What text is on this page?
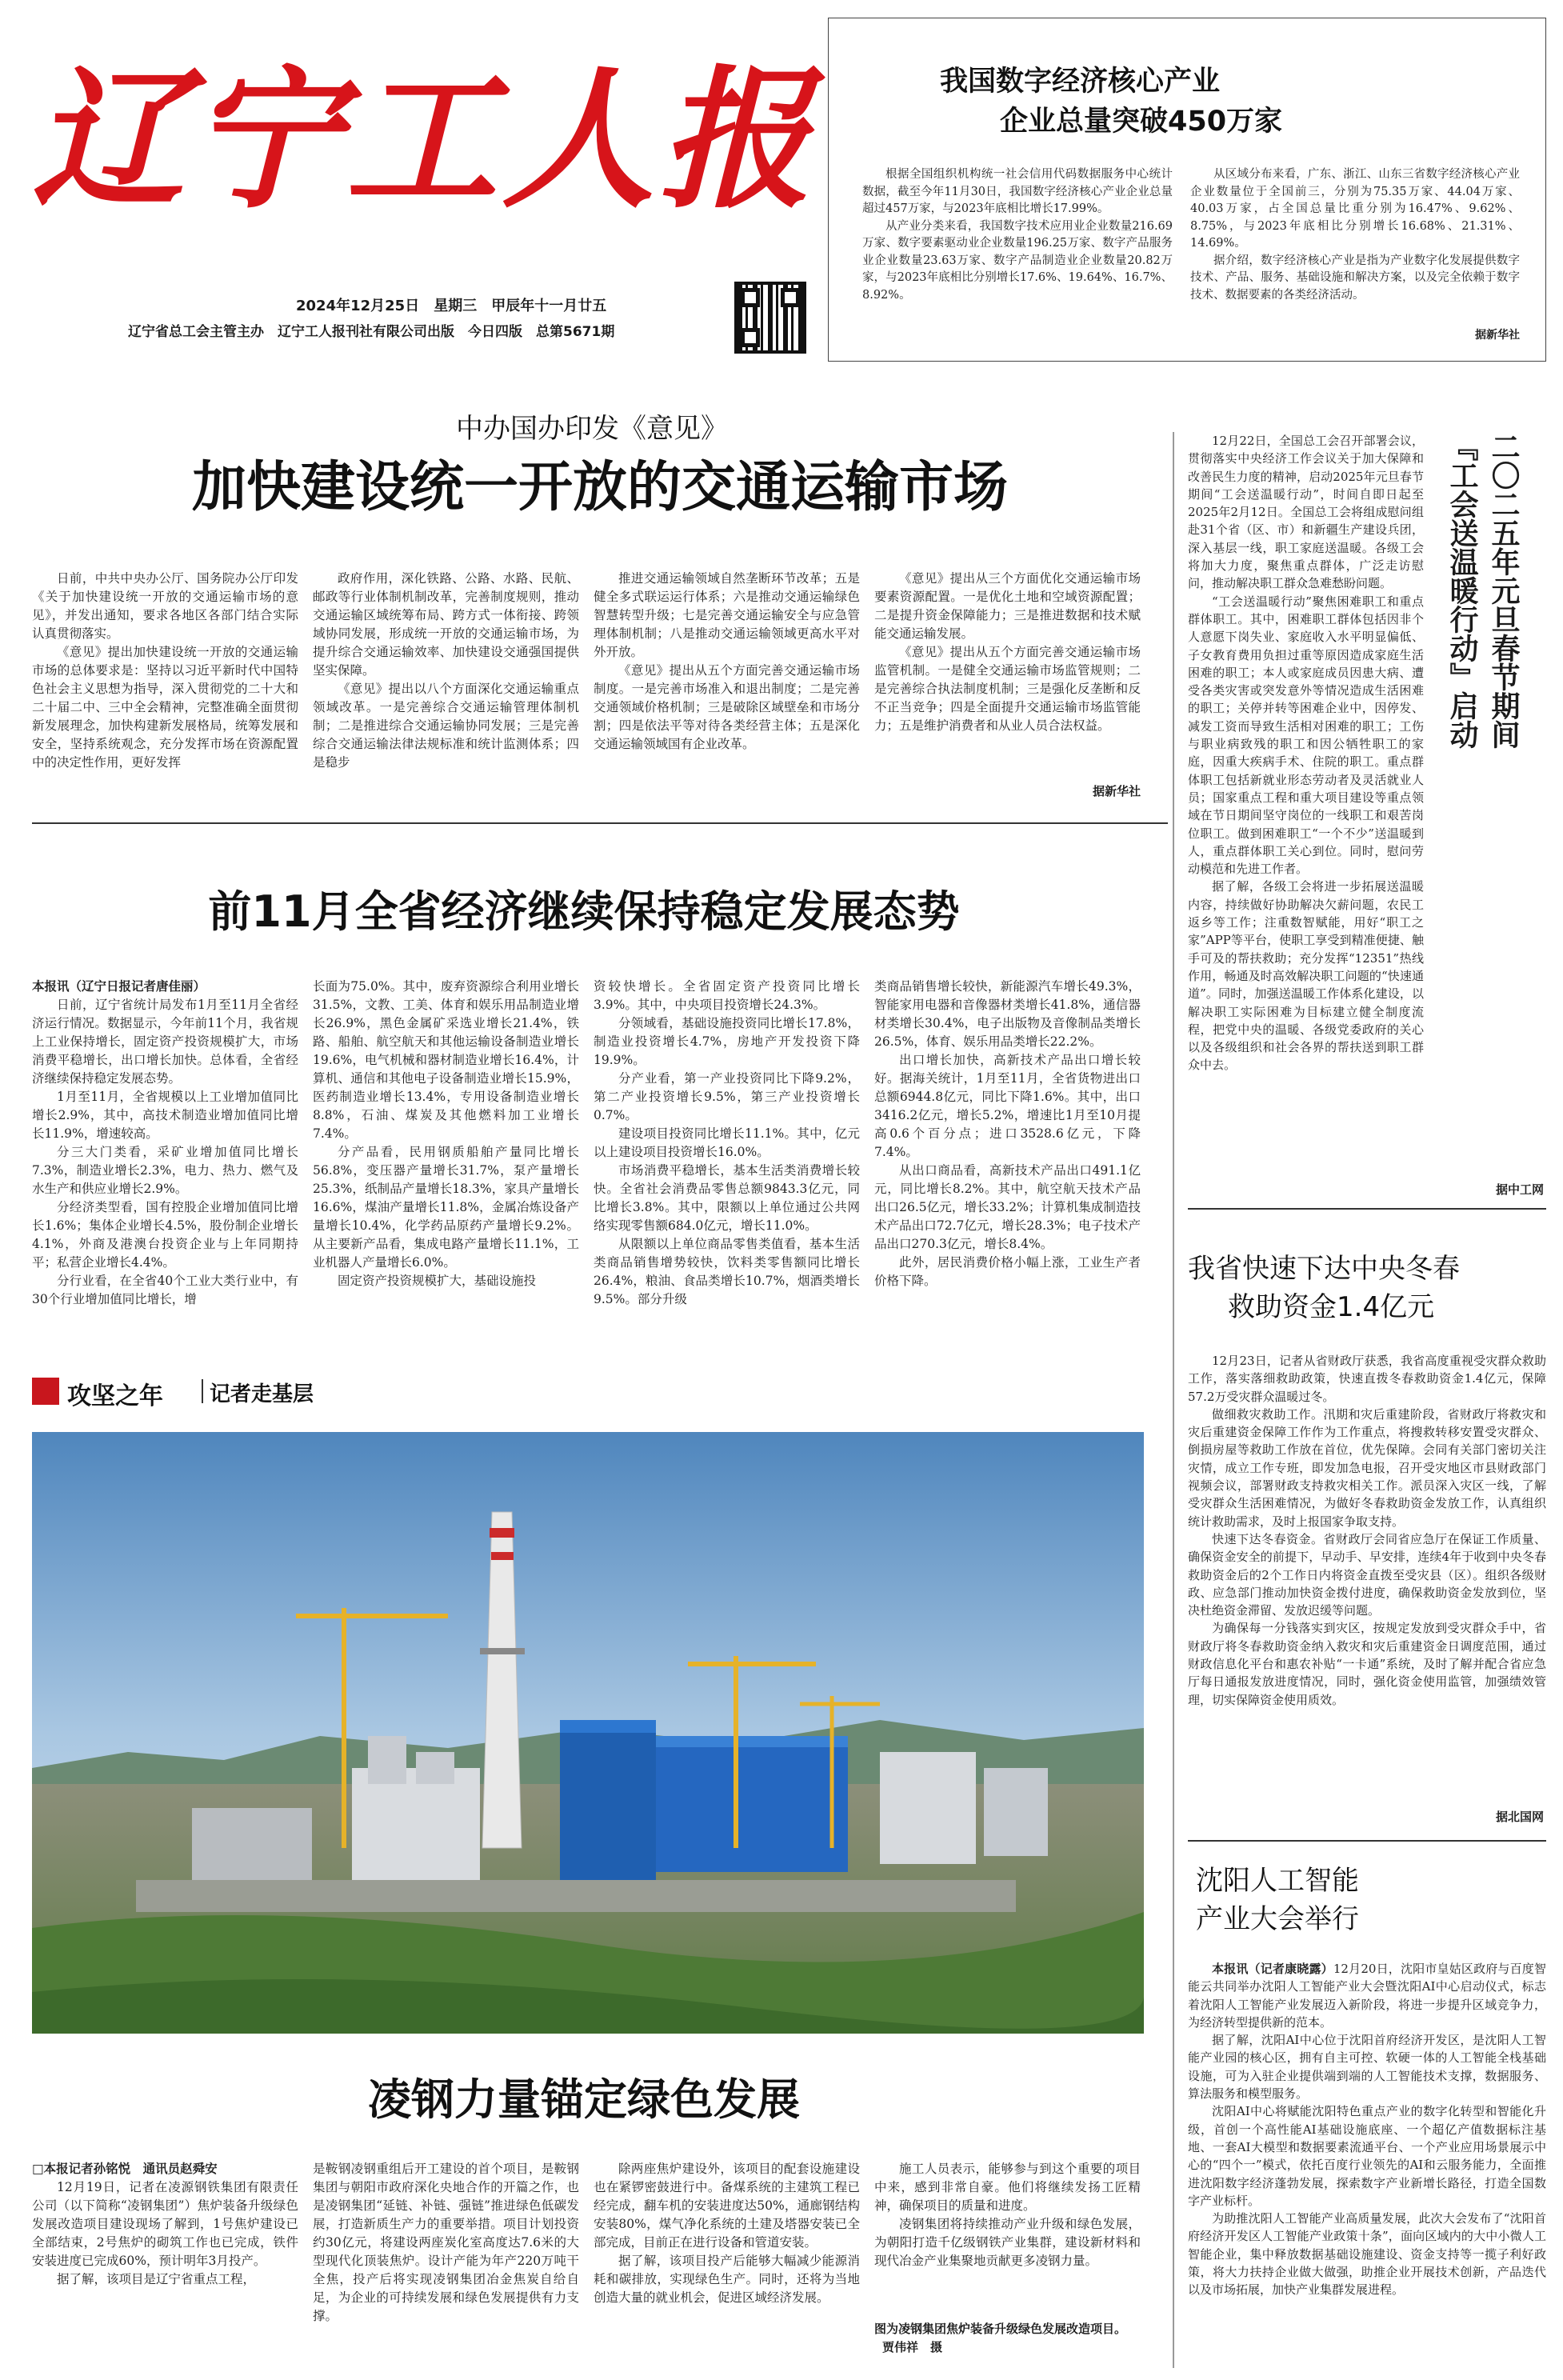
辽宁工人报
2024年12月25日　星期三　甲辰年十一月廿五
辽宁省总工会主管主办　辽宁工人报刊社有限公司出版　今日四版　总第5671期
我国数字经济核心产业
企业总量突破450万家

根据全国组织机构统一社会信用代码数据服务中心统计数据，截至今年11月30日，我国数字经济核心产业企业总量超过457万家，与2023年底相比增长17.99%。

从产业分类来看，我国数字技术应用业企业数量216.69万家、数字要素驱动业企业数量196.25万家、数字产品服务业企业数量23.63万家、数字产品制造业企业数量20.82万家，与2023年底相比分别增长17.6%、19.64%、16.7%、8.92%。

从区域分布来看，广东、浙江、山东三省数字经济核心产业企业数量位于全国前三，分别为75.35万家、44.04万家、40.03万家，占全国总量比重分别为16.47%、9.62%、8.75%，与2023年底相比分别增长16.68%、21.31%、14.69%。

据介绍，数字经济核心产业是指为产业数字化发展提供数字技术、产品、服务、基础设施和解决方案，以及完全依赖于数字技术、数据要素的各类经济活动。

据新华社
中办国办印发《意见》
加快建设统一开放的交通运输市场

日前，中共中央办公厅、国务院办公厅印发《关于加快建设统一开放的交通运输市场的意见》，并发出通知，要求各地区各部门结合实际认真贯彻落实。

《意见》提出加快建设统一开放的交通运输市场的总体要求是：坚持以习近平新时代中国特色社会主义思想为指导，深入贯彻党的二十大和二十届二中、三中全会精神，完整准确全面贯彻新发展理念，加快构建新发展格局，统筹发展和安全，坚持系统观念，充分发挥市场在资源配置中的决定性作用，更好发挥

政府作用，深化铁路、公路、水路、民航、邮政等行业体制机制改革，完善制度规则，推动交通运输区域统筹布局、跨方式一体衔接、跨领域协同发展，形成统一开放的交通运输市场，为提升综合交通运输效率、加快建设交通强国提供坚实保障。

《意见》提出以八个方面深化交通运输重点领域改革。一是完善综合交通运输管理体制机制；二是推进综合交通运输协同发展；三是完善综合交通运输法律法规标准和统计监测体系；四是稳步

推进交通运输领域自然垄断环节改革；五是健全多式联运运行体系；六是推动交通运输绿色智慧转型升级；七是完善交通运输安全与应急管理体制机制；八是推动交通运输领域更高水平对外开放。

《意见》提出从五个方面完善交通运输市场制度。一是完善市场准入和退出制度；二是完善交通领域价格机制；三是破除区域壁垒和市场分割；四是依法平等对待各类经营主体；五是深化交通运输领域国有企业改革。

《意见》提出从三个方面优化交通运输市场要素资源配置。一是优化土地和空域资源配置；二是提升资金保障能力；三是推进数据和技术赋能交通运输发展。

《意见》提出从五个方面完善交通运输市场监管机制。一是健全交通运输市场监管规则；二是完善综合执法制度机制；三是强化反垄断和反不正当竞争；四是全面提升交通运输市场监管能力；五是维护消费者和从业人员合法权益。

据新华社
前11月全省经济继续保持稳定发展态势

本报讯（辽宁日报记者唐佳丽）

日前，辽宁省统计局发布1月至11月全省经济运行情况。数据显示，今年前11个月，我省规上工业保持增长，固定资产投资规模扩大，市场消费平稳增长，出口增长加快。总体看，全省经济继续保持稳定发展态势。

1月至11月，全省规模以上工业增加值同比增长2.9%，其中，高技术制造业增加值同比增长11.9%，增速较高。

分三大门类看，采矿业增加值同比增长7.3%，制造业增长2.3%，电力、热力、燃气及水生产和供应业增长2.9%。

分经济类型看，国有控股企业增加值同比增长1.6%；集体企业增长4.5%，股份制企业增长4.1%，外商及港澳台投资企业与上年同期持平；私营企业增长4.4%。

分行业看，在全省40个工业大类行业中，有30个行业增加值同比增长，增

长面为75.0%。其中，废弃资源综合利用业增长31.5%，文教、工美、体育和娱乐用品制造业增长26.9%，黑色金属矿采选业增长21.4%，铁路、船舶、航空航天和其他运输设备制造业增长19.6%，电气机械和器材制造业增长16.4%，计算机、通信和其他电子设备制造业增长15.9%，医药制造业增长13.4%，专用设备制造业增长8.8%，石油、煤炭及其他燃料加工业增长7.4%。

分产品看，民用钢质船舶产量同比增长56.8%，变压器产量增长31.7%，泵产量增长25.3%，纸制品产量增长18.3%，家具产量增长16.6%，煤油产量增长11.8%，金属冶炼设备产量增长10.4%，化学药品原药产量增长9.2%。从主要新产品看，集成电路产量增长11.1%，工业机器人产量增长6.0%。

固定资产投资规模扩大，基础设施投

资较快增长。全省固定资产投资同比增长3.9%。其中，中央项目投资增长24.3%。

分领域看，基础设施投资同比增长17.8%，制造业投资增长4.7%，房地产开发投资下降19.9%。

分产业看，第一产业投资同比下降9.2%，第二产业投资增长9.5%，第三产业投资增长0.7%。

建设项目投资同比增长11.1%。其中，亿元以上建设项目投资增长16.0%。

市场消费平稳增长，基本生活类消费增长较快。全省社会消费品零售总额9843.3亿元，同比增长3.8%。其中，限额以上单位通过公共网络实现零售额684.0亿元，增长11.0%。

从限额以上单位商品零售类值看，基本生活类商品销售增势较快，饮料类零售额同比增长26.4%，粮油、食品类增长10.7%，烟酒类增长9.5%。部分升级

类商品销售增长较快，新能源汽车增长49.3%，智能家用电器和音像器材类增长41.8%，通信器材类增长30.4%，电子出版物及音像制品类增长26.5%，体育、娱乐用品类增长22.2%。

出口增长加快，高新技术产品出口增长较好。据海关统计，1月至11月，全省货物进出口总额6944.8亿元，同比下降1.6%。其中，出口3416.2亿元，增长5.2%，增速比1月至10月提高0.6个百分点；进口3528.6亿元，下降7.4%。

从出口商品看，高新技术产品出口491.1亿元，同比增长8.2%。其中，航空航天技术产品出口26.5亿元，增长33.2%；计算机集成制造技术产品出口72.7亿元，增长28.3%；电子技术产品出口270.3亿元，增长8.4%。

此外，居民消费价格小幅上涨，工业生产者价格下降。

攻坚之年 记者走基层
凌钢力量锚定绿色发展

□本报记者孙铭悦　通讯员赵舜安

12月19日，记者在凌源钢铁集团有限责任公司（以下简称“凌钢集团”）焦炉装备升级绿色发展改造项目建设现场了解到，1号焦炉建设已全部结束，2号焦炉的砌筑工作也已完成，铁件安装进度已完成60%，预计明年3月投产。

据了解，该项目是辽宁省重点工程，

是鞍钢凌钢重组后开工建设的首个项目，是鞍钢集团与朝阳市政府深化央地合作的开篇之作，也是凌钢集团“延链、补链、强链”推进绿色低碳发展，打造新质生产力的重要举措。项目计划投资约30亿元，将建设两座炭化室高度达7.6米的大型现代化顶装焦炉。设计产能为年产220万吨干全焦，投产后将实现凌钢集团冶金焦炭自给自足，为企业的可持续发展和绿色发展提供有力支撑。

除两座焦炉建设外，该项目的配套设施建设也在紧锣密鼓进行中。备煤系统的主建筑工程已经完成，翻车机的安装进度达50%，通廊钢结构安装80%，煤气净化系统的土建及塔器安装已全部完成，目前正在进行设备和管道安装。

据了解，该项目投产后能够大幅减少能源消耗和碳排放，实现绿色生产。同时，还将为当地创造大量的就业机会，促进区域经济发展。

施工人员表示，能够参与到这个重要的项目中来，感到非常自豪。他们将继续发扬工匠精神，确保项目的质量和进度。

凌钢集团将持续推动产业升级和绿色发展，为朝阳打造千亿级钢铁产业集群，建设新材料和现代冶金产业集聚地贡献更多凌钢力量。

图为凌钢集团焦炉装备升级绿色发展改造项目。贾伟祥　摄
二〇二五年元旦春节期间
『工会送温暖行动』启动

12月22日，全国总工会召开部署会议，贯彻落实中央经济工作会议关于加大保障和改善民生力度的精神，启动2025年元旦春节期间“工会送温暖行动”，时间自即日起至2025年2月12日。全国总工会将组成慰问组赴31个省（区、市）和新疆生产建设兵团，深入基层一线，职工家庭送温暖。各级工会将加大力度，聚焦重点群体，广泛走访慰问，推动解决职工群众急难愁盼问题。

“工会送温暖行动”聚焦困难职工和重点群体职工。其中，困难职工群体包括因非个人意愿下岗失业、家庭收入水平明显偏低、子女教育费用负担过重等原因造成家庭生活困难的职工；本人或家庭成员因患大病、遭受各类灾害或突发意外等情况造成生活困难的职工；关停并转等困难企业中，因停发、减发工资而导致生活相对困难的职工；工伤与职业病致残的职工和因公牺牲职工的家庭，因重大疾病手术、住院的职工。重点群体职工包括新就业形态劳动者及灵活就业人员；国家重点工程和重大项目建设等重点领域在节日期间坚守岗位的一线职工和艰苦岗位职工。做到困难职工“一个不少”送温暖到人，重点群体职工关心到位。同时，慰问劳动模范和先进工作者。

据了解，各级工会将进一步拓展送温暖内容，持续做好协助解决欠薪问题，农民工返乡等工作；注重数智赋能，用好“职工之家”APP等平台，使职工享受到精准便捷、触手可及的帮扶救助；充分发挥“12351”热线作用，畅通及时高效解决职工问题的“快速通道”。同时，加强送温暖工作体系化建设，以解决职工实际困难为目标建立健全制度流程，把党中央的温暖、各级党委政府的关心以及各级组织和社会各界的帮扶送到职工群众中去。

据中工网
我省快速下达中央冬春
救助资金1.4亿元

12月23日，记者从省财政厅获悉，我省高度重视受灾群众救助工作，落实落细救助政策，快速直拨冬春救助资金1.4亿元，保障57.2万受灾群众温暖过冬。

做细救灾救助工作。汛期和灾后重建阶段，省财政厅将救灾和灾后重建资金保障工作作为工作重点，将搜救转移安置受灾群众、倒损房屋等救助工作放在首位，优先保障。会同有关部门密切关注灾情，成立工作专班，即发加急电报，召开受灾地区市县财政部门视频会议，部署财政支持救灾相关工作。派员深入灾区一线，了解受灾群众生活困难情况，为做好冬春救助资金发放工作，认真组织统计救助需求，及时上报国家争取支持。

快速下达冬春资金。省财政厅会同省应急厅在保证工作质量、确保资金安全的前提下，早动手、早安排，连续4年于收到中央冬春救助资金后的2个工作日内将资金直拨至受灾县（区）。组织各级财政、应急部门推动加快资金拨付进度，确保救助资金发放到位，坚决杜绝资金滞留、发放迟缓等问题。

为确保每一分钱落实到灾区，按规定发放到受灾群众手中，省财政厅将冬春救助资金纳入救灾和灾后重建资金日调度范围，通过财政信息化平台和惠农补贴“一卡通”系统，及时了解并配合省应急厅每日通报发放进度情况，同时，强化资金使用监管，加强绩效管理，切实保障资金使用质效。

据北国网
沈阳人工智能
产业大会举行

本报讯（记者康晓露）12月20日，沈阳市皇姑区政府与百度智能云共同举办沈阳人工智能产业大会暨沈阳AI中心启动仪式，标志着沈阳人工智能产业发展迈入新阶段，将进一步提升区域竞争力，为经济转型提供新的范本。

据了解，沈阳AI中心位于沈阳首府经济开发区，是沈阳人工智能产业园的核心区，拥有自主可控、软硬一体的人工智能全栈基础设施，可为入驻企业提供端到端的人工智能技术支撑，数据服务、算法服务和模型服务。

沈阳AI中心将赋能沈阳特色重点产业的数字化转型和智能化升级，首创一个高性能AI基础设施底座、一个超亿产值数据标注基地、一套AI大模型和数据要素流通平台、一个产业应用场景展示中心的“四个一”模式，依托百度行业领先的AI和云服务能力，全面推进沈阳数字经济蓬勃发展，探索数字产业新增长路径，打造全国数字产业标杆。

为助推沈阳人工智能产业高质量发展，此次大会发布了“沈阳首府经济开发区人工智能产业政策十条”，面向区域内的大中小微人工智能企业，集中释放数据基础设施建设、资金支持等一揽子利好政策，将大力扶持企业做大做强，助推企业开展技术创新，产品迭代以及市场拓展，加快产业集群发展进程。
